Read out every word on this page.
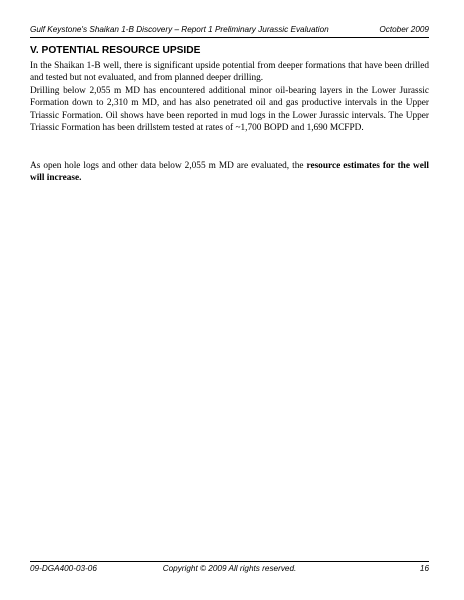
Gulf Keystone's Shaikan 1-B Discovery – Report 1 Preliminary Jurassic Evaluation	October 2009
V. POTENTIAL RESOURCE UPSIDE

In the Shaikan 1-B well, there is significant upside potential from deeper formations that have been drilled and tested but not evaluated, and from planned deeper drilling.

Drilling below 2,055 m MD has encountered additional minor oil-bearing layers in the Lower Jurassic Formation down to 2,310 m MD, and has also penetrated oil and gas productive intervals in the Upper Triassic Formation. Oil shows have been reported in mud logs in the Lower Jurassic intervals. The Upper Triassic Formation has been drillstem tested at rates of ~1,700 BOPD and 1,690 MCFPD.

As open hole logs and other data below 2,055 m MD are evaluated, the resource estimates for the well will increase.

09-DGA400-03-06	Copyright © 2009 All rights reserved.	16
